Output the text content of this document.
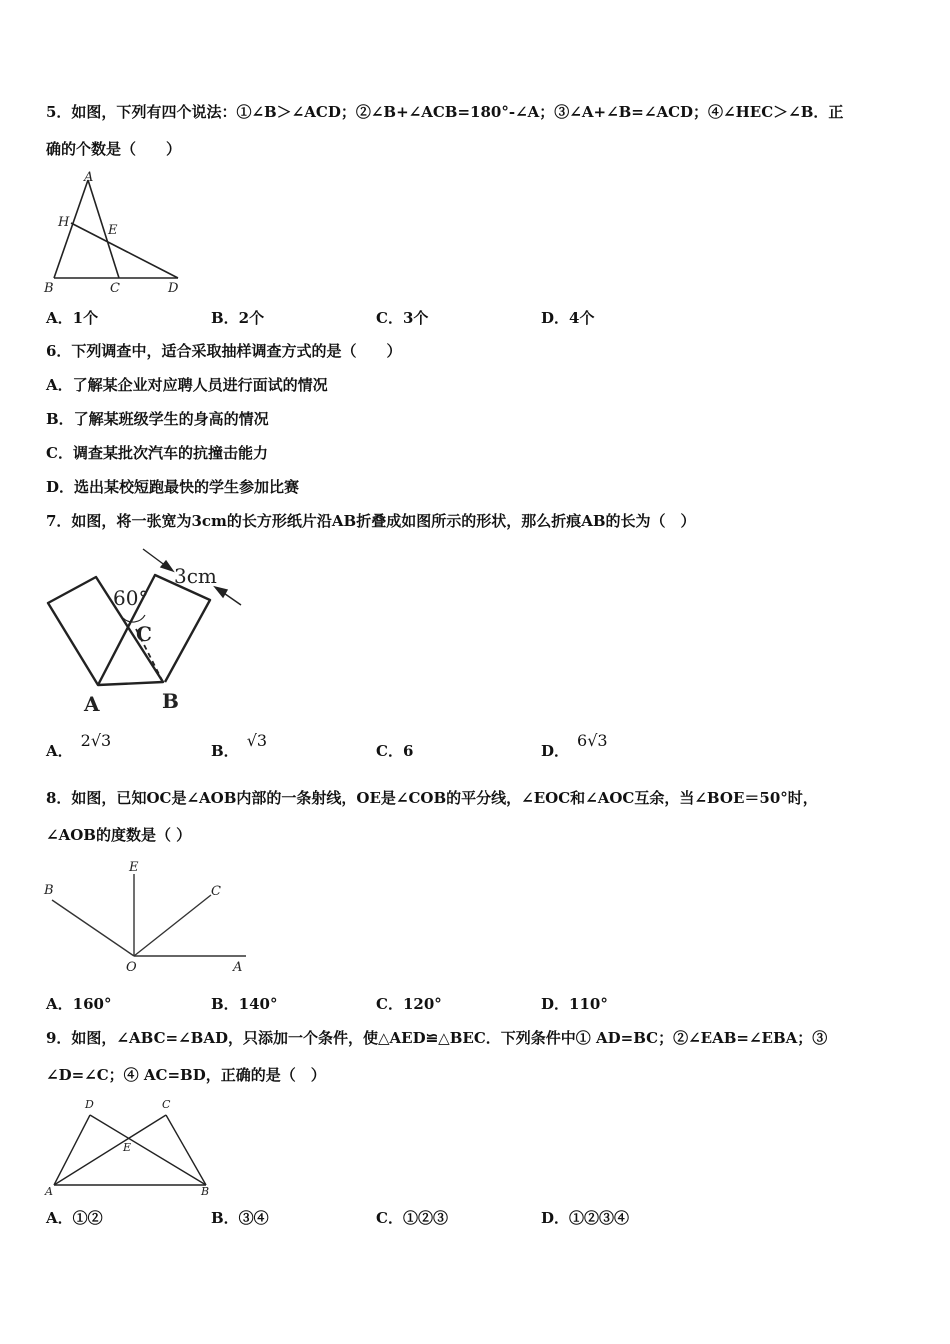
5．如图，下列有四个说法：①∠B＞∠ACD；②∠B+∠ACB=180°-∠A；③∠A+∠B=∠ACD；④∠HEC＞∠B．正
确的个数是（　　）
A
H
E
B	C	D
A．1个	B．2个	C．3个	D．4个
6．下列调查中，适合采取抽样调查方式的是（　　）
A．了解某企业对应聘人员进行面试的情况
B．了解某班级学生的身高的情况
C．调查某批次汽车的抗撞击能力
D．选出某校短跑最快的学生参加比赛
7．如图，将一张宽为3cm的长方形纸片沿AB折叠成如图所示的形状，那么折痕AB的长为（　）
60°
3cm
C
A	B
A．2√3
B．√3
C．6	D．6√3
8．如图，已知OC是∠AOB内部的一条射线，OE是∠COB的平分线，∠EOC和∠AOC互余，当∠BOE＝50°时，
∠AOB的度数是（ ）
B
E
C
O	A
A．160°	B．140°	C．120°	D．110°
9．如图，∠ABC=∠BAD，只添加一个条件，使△AED≌△BEC．下列条件中① AD=BC；②∠EAB=∠EBA；③
∠D=∠C；④ AC=BD，正确的是（　）
D	C
E
A	B
A．①②	B．③④	C．①②③	D．①②③④
